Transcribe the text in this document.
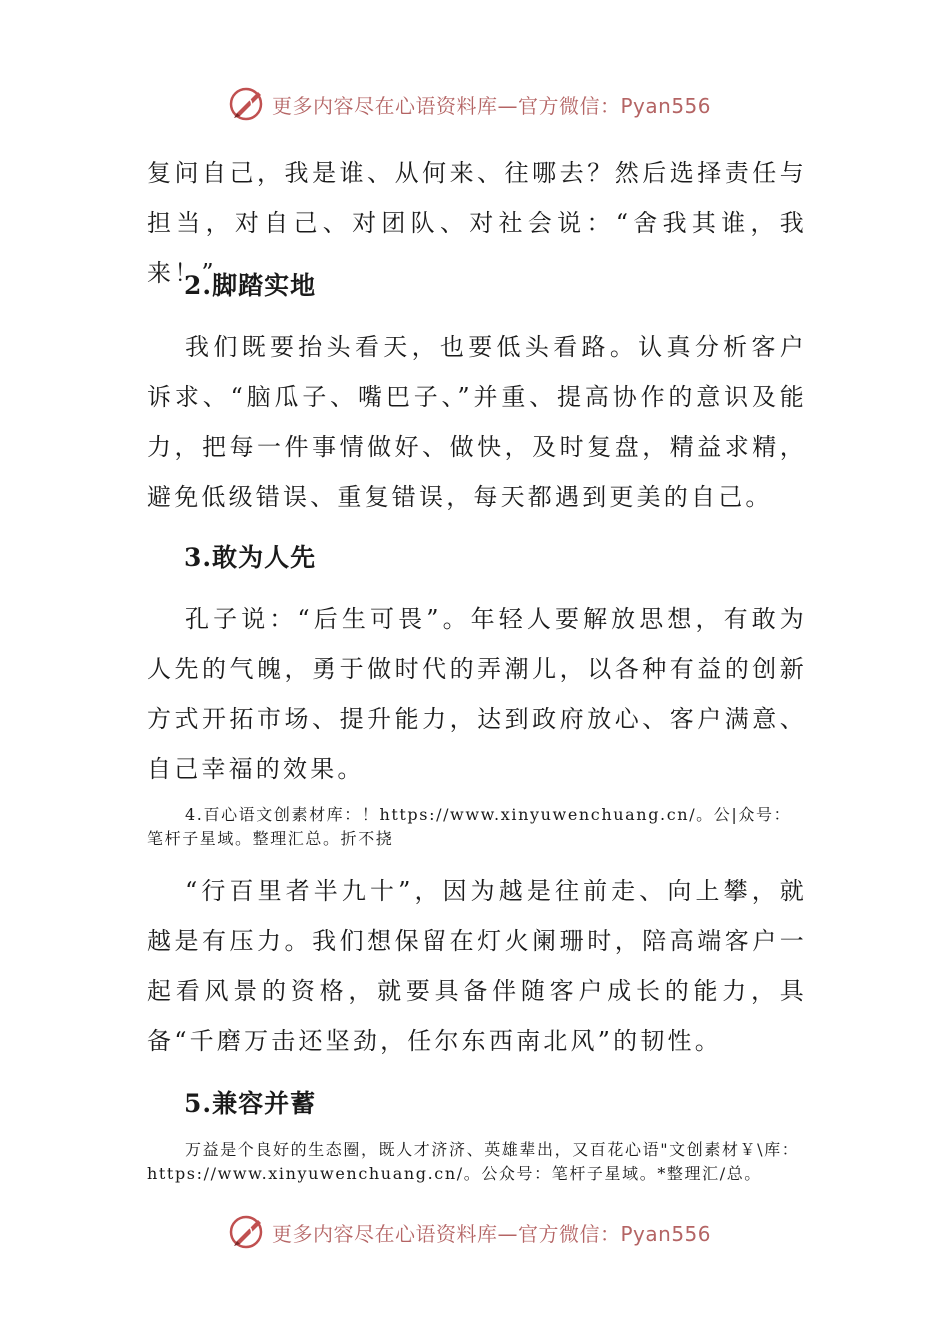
更多内容尽在心语资料库—官方微信：Pyan556

复问自己，我是谁、从何来、往哪去？然后选择责任与担当，对自己、对团队、对社会说：“舍我其谁，我来！”

2.脚踏实地

我们既要抬头看天，也要低头看路。认真分析客户诉求、“脑瓜子、嘴巴子、”并重、提高协作的意识及能力，把每一件事情做好、做快，及时复盘，精益求精，避免低级错误、重复错误，每天都遇到更美的自己。

3.敢为人先

孔子说：“后生可畏”。年轻人要解放思想，有敢为人先的气魄，勇于做时代的弄潮儿，以各种有益的创新方式开拓市场、提升能力，达到政府放心、客户满意、自己幸福的效果。

4.百心语文创素材库：！https://www.xinyuwenchuang.cn/。公|众号：笔杆子星域。整理汇总。折不挠

“行百里者半九十”，因为越是往前走、向上攀，就越是有压力。我们想保留在灯火阑珊时，陪高端客户一起看风景的资格，就要具备伴随客户成长的能力，具备“千磨万击还坚劲，任尔东西南北风”的韧性。

5.兼容并蓄

万益是个良好的生态圈，既人才济济、英雄辈出，又百花心语"文创素材￥\库：https://www.xinyuwenchuang.cn/。公众号：笔杆子星域。*整理汇/总。

更多内容尽在心语资料库—官方微信：Pyan556
